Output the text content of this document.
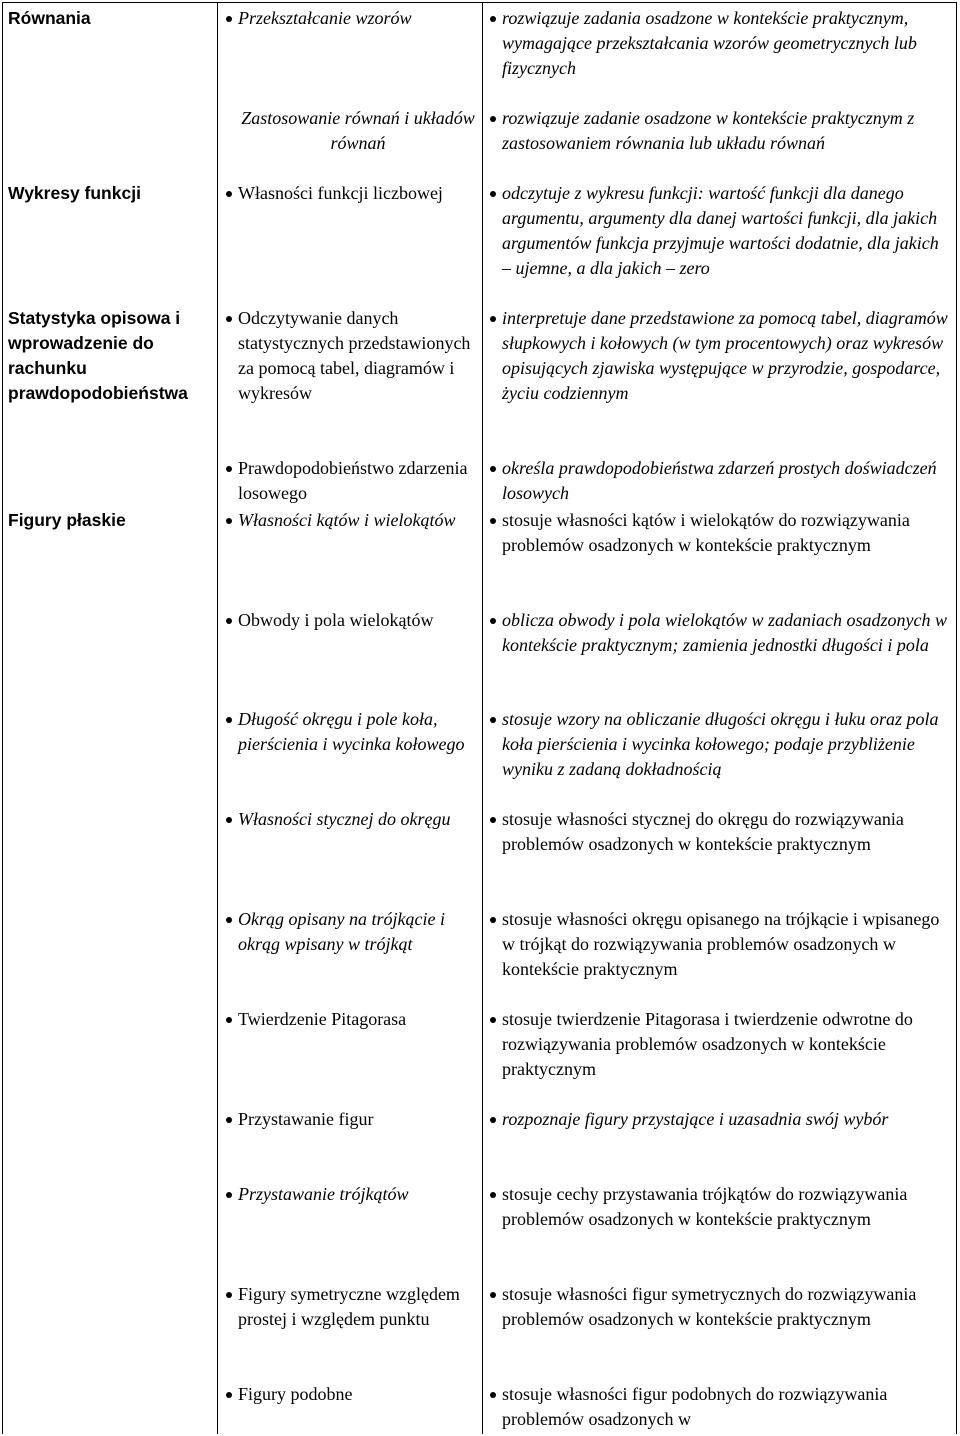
Równania
Wykresy funkcji
Statystyka opisowa i wprowadzenie do rachunku prawdopodobieństwa
Figury płaskie
Przekształcanie wzorów
Zastosowanie równań i układów równań
Własności funkcji liczbowej
Odczytywanie danych statystycznych przedstawionych za pomocą tabel, diagramów i wykresów
Prawdopodobieństwo zdarzenia losowego
Własności kątów i wielokątów
Obwody i pola wielokątów
Długość okręgu i pole koła, pierścienia i wycinka kołowego
Własności stycznej do okręgu
Okrąg opisany na trójkącie i okrąg wpisany w trójkąt
Twierdzenie Pitagorasa
Przystawanie figur
Przystawanie trójkątów
Figury symetryczne względem prostej i względem punktu
Figury podobne
rozwiązuje zadania osadzone w kontekście praktycznym, wymagające przekształcania wzorów geometrycznych lub fizycznych
rozwiązuje zadanie osadzone w kontekście praktycznym z zastosowaniem równania lub układu równań
odczytuje z wykresu funkcji: wartość funkcji dla danego argumentu, argumenty dla danej wartości funkcji, dla jakich argumentów funkcja przyjmuje wartości dodatnie, dla jakich – ujemne, a dla jakich – zero
interpretuje dane przedstawione za pomocą tabel, diagramów słupkowych i kołowych (w tym procentowych) oraz wykresów opisujących zjawiska występujące w przyrodzie, gospodarce, życiu codziennym
określa prawdopodobieństwa zdarzeń prostych doświadczeń losowych
stosuje własności kątów i wielokątów do rozwiązywania problemów osadzonych w kontekście praktycznym
oblicza obwody i pola wielokątów w zadaniach osadzonych w kontekście praktycznym; zamienia jednostki długości i pola
stosuje wzory na obliczanie długości okręgu i łuku oraz pola koła pierścienia i wycinka kołowego; podaje przybliżenie wyniku z zadaną dokładnością
stosuje własności stycznej do okręgu do rozwiązywania problemów osadzonych w kontekście praktycznym
stosuje własności okręgu opisanego na trójkącie i wpisanego w trójkąt do rozwiązywania problemów osadzonych w kontekście praktycznym
stosuje twierdzenie Pitagorasa i twierdzenie odwrotne do rozwiązywania problemów osadzonych w kontekście praktycznym
rozpoznaje figury przystające i uzasadnia swój wybór
stosuje cechy przystawania trójkątów do rozwiązywania problemów osadzonych w kontekście praktycznym
stosuje własności figur symetrycznych do rozwiązywania problemów osadzonych w kontekście praktycznym
stosuje własności figur podobnych do rozwiązywania problemów osadzonych w
